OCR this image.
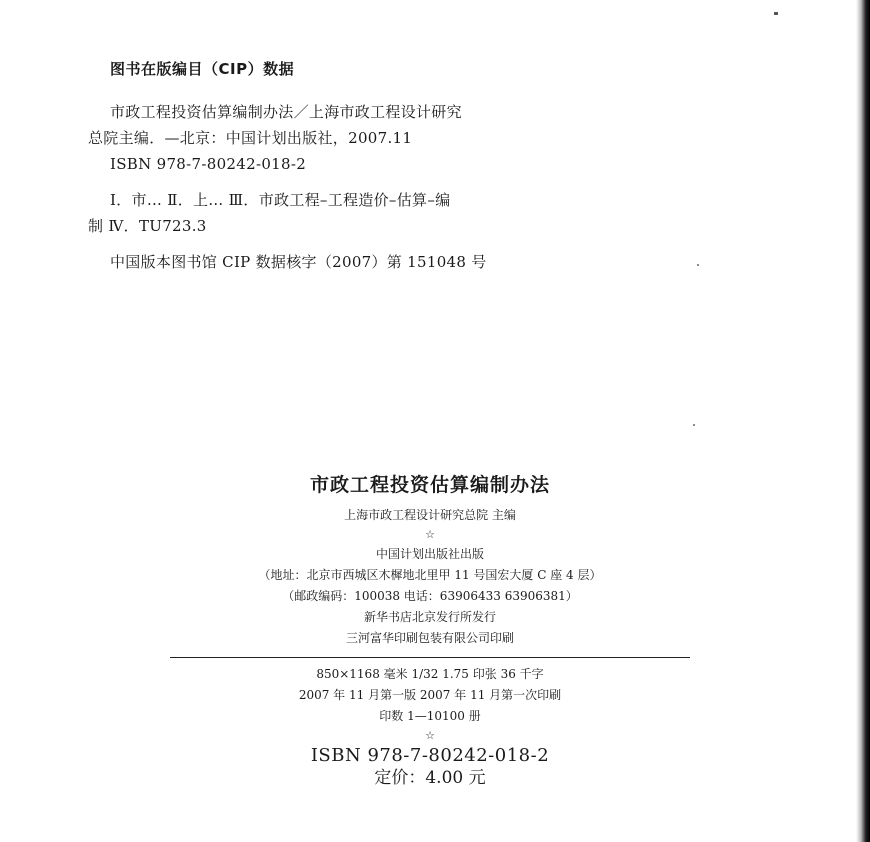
图书在版编目（CIP）数据
市政工程投资估算编制办法／上海市政工程设计研究
总院主编．—北京：中国计划出版社，2007.11
ISBN 978-7-80242-018-2
Ⅰ．市… Ⅱ．上… Ⅲ．市政工程–工程造价–估算–编
制 Ⅳ．TU723.3
中国版本图书馆 CIP 数据核字（2007）第 151048 号
市政工程投资估算编制办法
上海市政工程设计研究总院 主编
☆
中国计划出版社出版
（地址：北京市西城区木樨地北里甲 11 号国宏大厦 C 座 4 层）
（邮政编码：100038 电话：63906433 63906381）
新华书店北京发行所发行
三河富华印刷包装有限公司印刷
850×1168 毫米 1/32 1.75 印张 36 千字
2007 年 11 月第一版 2007 年 11 月第一次印刷
印数 1—10100 册
☆
ISBN 978-7-80242-018-2
定价：4.00 元
